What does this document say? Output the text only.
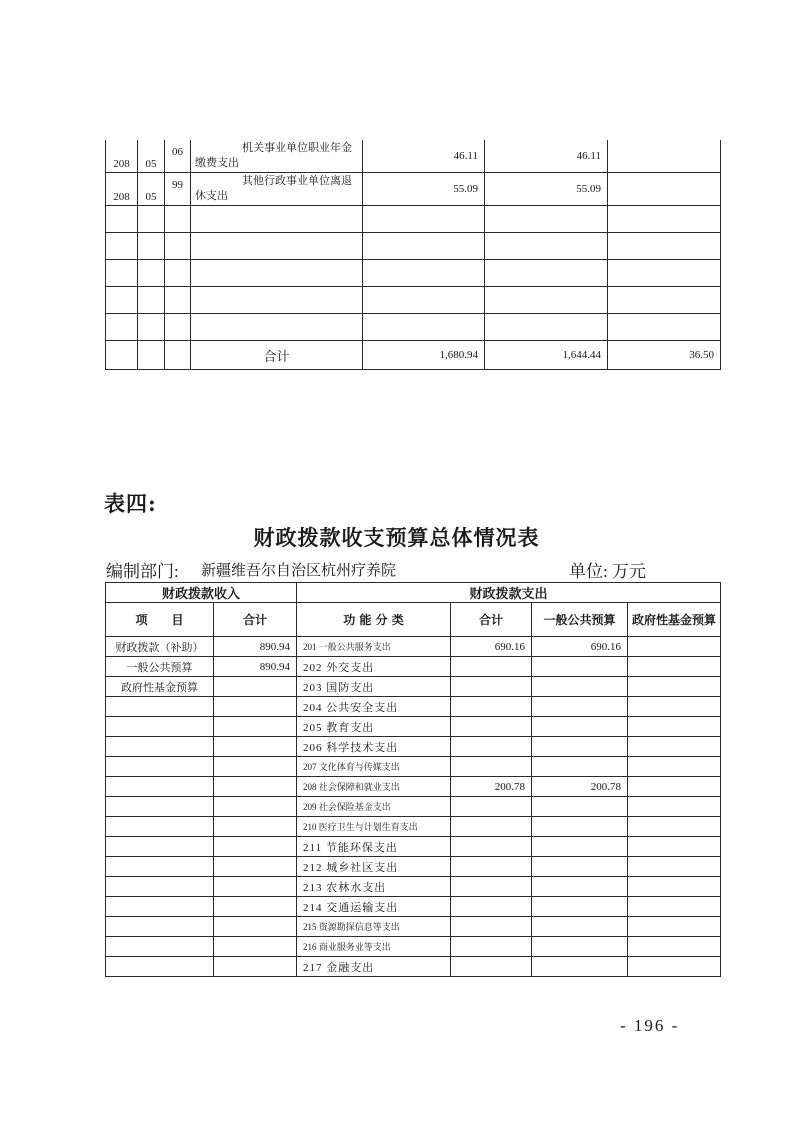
208	05	06	机关事业单位职业年金
缴费支出	46.11	46.11	
208	05	99	其他行政事业单位离退
休支出	55.09	55.09	

			合计	1,680.94	1,644.44	36.50
表四:
财政拨款收支预算总体情况表
编制部门: 新疆维吾尔自治区杭州疗养院	单位: 万元
财政拨款收入		财政拨款支出			
项　　目	合计	功 能 分 类	合计	一般公共预算	政府性基金预算
财政拨款（补助）	890.94	201 一般公共服务支出	690.16	690.16	
一般公共预算	890.94	202 外交支出			
政府性基金预算		203 国防支出			
		204 公共安全支出			
		205 教育支出			
		206 科学技术支出			
		207 文化体育与传媒支出			
		208 社会保障和就业支出	200.78	200.78	
		209 社会保险基金支出			
		210 医疗卫生与计划生育支出			
		211 节能环保支出			
		212 城乡社区支出			
		213 农林水支出			
		214 交通运输支出			
		215 资源勘探信息等支出			
		216 商业服务业等支出			
		217 金融支出			
- 196 -
